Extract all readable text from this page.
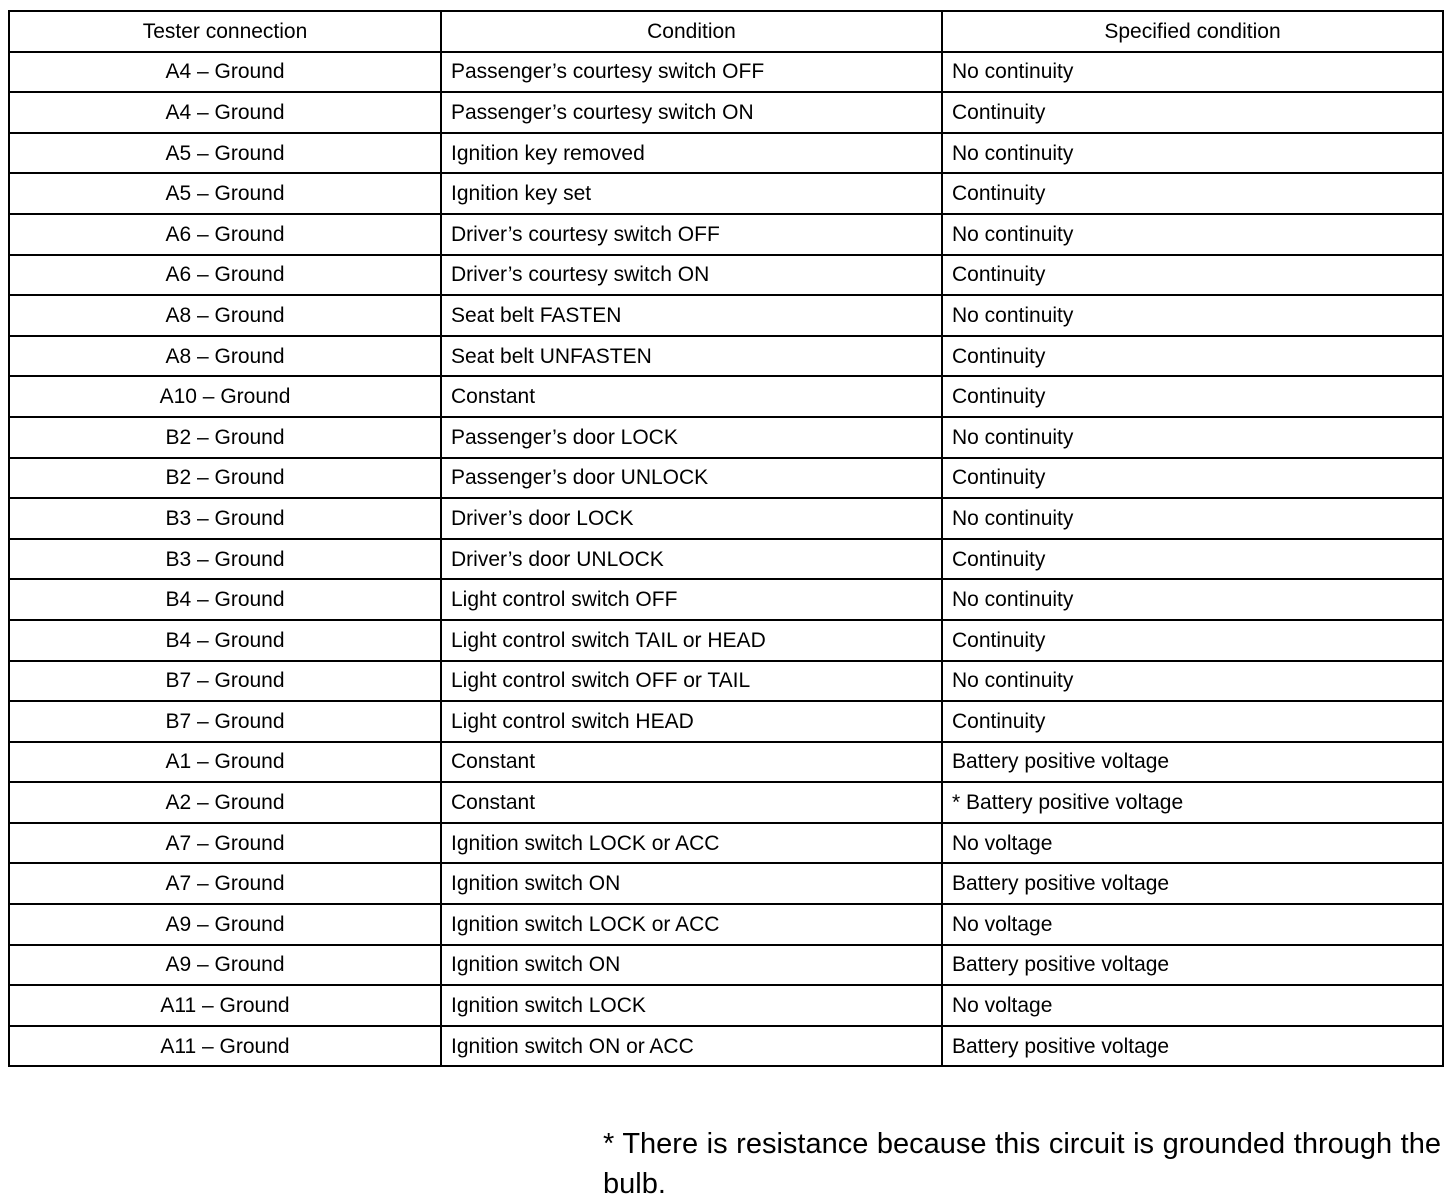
Tester connection	Condition	Specified condition
A4 – Ground	Passenger’s courtesy switch OFF	No continuity
A4 – Ground	Passenger’s courtesy switch ON	Continuity
A5 – Ground	Ignition key removed	No continuity
A5 – Ground	Ignition key set	Continuity
A6 – Ground	Driver’s courtesy switch OFF	No continuity
A6 – Ground	Driver’s courtesy switch ON	Continuity
A8 – Ground	Seat belt FASTEN	No continuity
A8 – Ground	Seat belt UNFASTEN	Continuity
A10 – Ground	Constant	Continuity
B2 – Ground	Passenger’s door LOCK	No continuity
B2 – Ground	Passenger’s door UNLOCK	Continuity
B3 – Ground	Driver’s door LOCK	No continuity
B3 – Ground	Driver’s door UNLOCK	Continuity
B4 – Ground	Light control switch OFF	No continuity
B4 – Ground	Light control switch TAIL or HEAD	Continuity
B7 – Ground	Light control switch OFF or TAIL	No continuity
B7 – Ground	Light control switch HEAD	Continuity
A1 – Ground	Constant	Battery positive voltage
A2 – Ground	Constant	* Battery positive voltage
A7 – Ground	Ignition switch LOCK or ACC	No voltage
A7 – Ground	Ignition switch ON	Battery positive voltage
A9 – Ground	Ignition switch LOCK or ACC	No voltage
A9 – Ground	Ignition switch ON	Battery positive voltage
A11 – Ground	Ignition switch LOCK	No voltage
A11 – Ground	Ignition switch ON or ACC	Battery positive voltage
* There is resistance because this circuit is grounded through the bulb.
